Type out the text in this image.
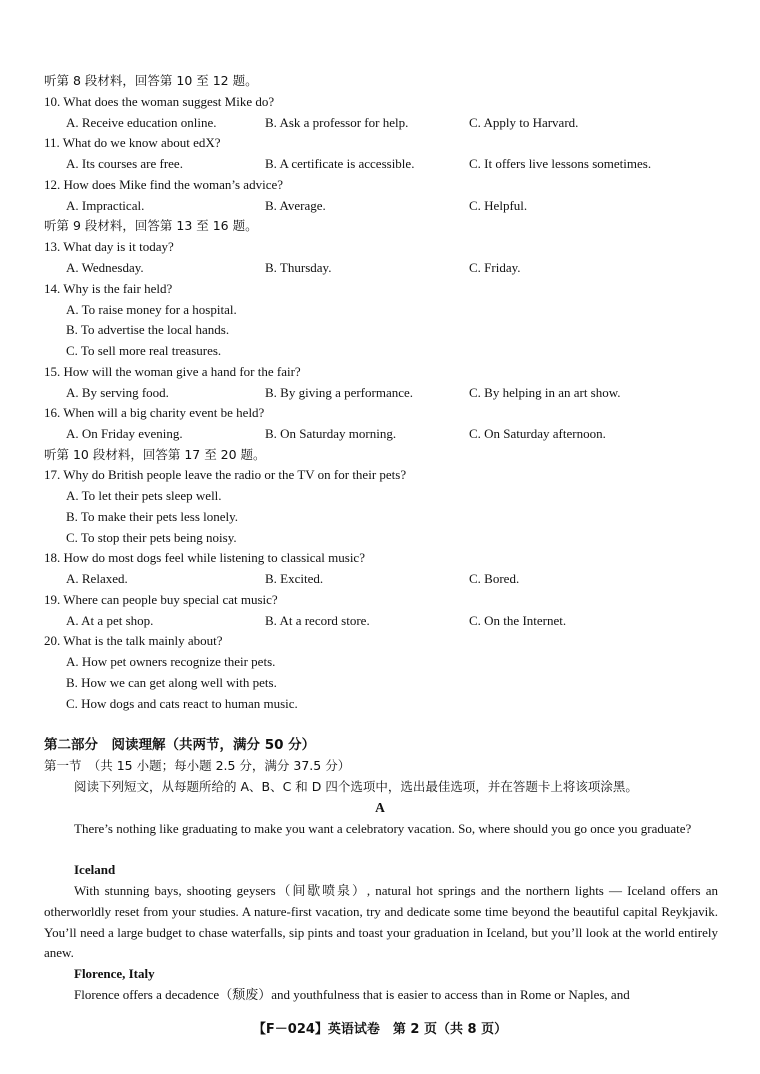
听第 8 段材料，回答第 10 至 12 题。
10. What does the woman suggest Mike do?
A. Receive education online.	B. Ask a professor for help.	C. Apply to Harvard.
11. What do we know about edX?
A. Its courses are free.	B. A certificate is accessible.	C. It offers live lessons sometimes.
12. How does Mike find the woman’s advice?
A. Impractical.	B. Average.	C. Helpful.
听第 9 段材料，回答第 13 至 16 题。
13. What day is it today?
A. Wednesday.	B. Thursday.	C. Friday.
14. Why is the fair held?
A. To raise money for a hospital.
B. To advertise the local hands.
C. To sell more real treasures.
15. How will the woman give a hand for the fair?
A. By serving food.	B. By giving a performance.	C. By helping in an art show.
16. When will a big charity event be held?
A. On Friday evening.	B. On Saturday morning.	C. On Saturday afternoon.
听第 10 段材料，回答第 17 至 20 题。
17. Why do British people leave the radio or the TV on for their pets?
A. To let their pets sleep well.
B. To make their pets less lonely.
C. To stop their pets being noisy.
18. How do most dogs feel while listening to classical music?
A. Relaxed.	B. Excited.	C. Bored.
19. Where can people buy special cat music?
A. At a pet shop.	B. At a record store.	C. On the Internet.
20. What is the talk mainly about?
A. How pet owners recognize their pets.
B. How we can get along well with pets.
C. How dogs and cats react to human music.
第二部分　阅读理解（共两节，满分 50 分）
第一节　（共 15 小题；每小题 2.5 分，满分 37.5 分）
阅读下列短文，从每题所给的 A、B、C 和 D 四个选项中，选出最佳选项，并在答题卡上将该项涂黑。
A
There’s nothing like graduating to make you want a celebratory vacation. So, where should you go once you graduate?
Iceland
With stunning bays, shooting geysers（间歇喷泉）, natural hot springs and the northern lights — Iceland offers an otherworldly reset from your studies. A nature-first vacation, try and dedicate some time beyond the beautiful capital Reykjavik. You’ll need a large budget to chase waterfalls, sip pints and toast your graduation in Iceland, but you’ll look at the world entirely anew.
Florence, Italy
Florence offers a decadence（颓废）and youthfulness that is easier to access than in Rome or Naples, and
【F－024】英语试卷　第 2 页（共 8 页）
